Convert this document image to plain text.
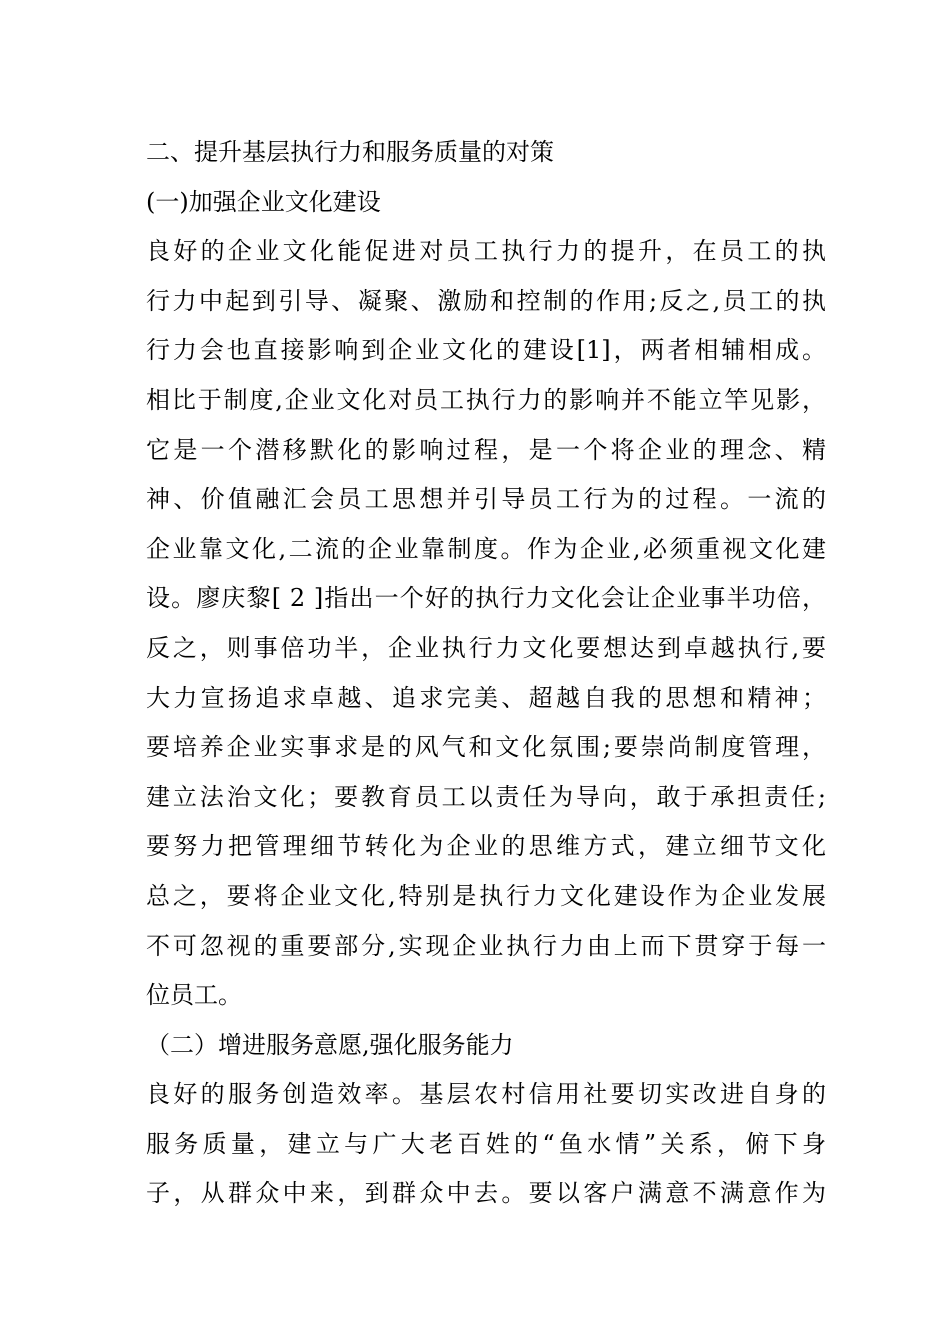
二、提升基层执行力和服务质量的对策
(一)加强企业文化建设
良好的企业文化能促进对员工执行力的提升，在员工的执
行力中起到引导、凝聚、激励和控制的作用;反之,员工的执
行力会也直接影响到企业文化的建设[1]，两者相辅相成。
相比于制度,企业文化对员工执行力的影响并不能立竿见影，
它是一个潜移默化的影响过程，是一个将企业的理念、精
神、价值融汇会员工思想并引导员工行为的过程。一流的
企业靠文化,二流的企业靠制度。作为企业,必须重视文化建
设。廖庆黎[ 2 ]指出一个好的执行力文化会让企业事半功倍，
反之，则事倍功半，企业执行力文化要想达到卓越执行,要
大力宣扬追求卓越、追求完美、超越自我的思想和精神；
要培养企业实事求是的风气和文化氛围;要崇尚制度管理，
建立法治文化；要教育员工以责任为导向，敢于承担责任;
要努力把管理细节转化为企业的思维方式，建立细节文化
总之，要将企业文化,特别是执行力文化建设作为企业发展
不可忽视的重要部分,实现企业执行力由上而下贯穿于每一
位员工。
（二）增进服务意愿,强化服务能力
良好的服务创造效率。基层农村信用社要切实改进自身的
服务质量，建立与广大老百姓的“鱼水情”关系，俯下身
子，从群众中来，到群众中去。要以客户满意不满意作为
